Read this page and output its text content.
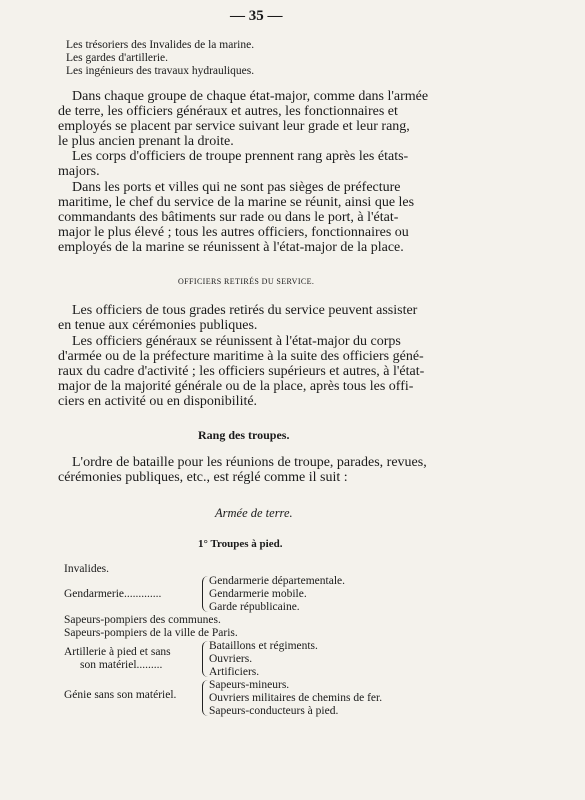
— 35 —
Les trésoriers des Invalides de la marine.
Les gardes d'artillerie.
Les ingénieurs des travaux hydrauliques.
Dans chaque groupe de chaque état-major, comme dans l'armée
de terre, les officiers généraux et autres, les fonctionnaires et
employés se placent par service suivant leur grade et leur rang,
le plus ancien prenant la droite.
Les corps d'officiers de troupe prennent rang après les états-
majors.
Dans les ports et villes qui ne sont pas sièges de préfecture
maritime, le chef du service de la marine se réunit, ainsi que les
commandants des bâtiments sur rade ou dans le port, à l'état-
major le plus élevé ; tous les autres officiers, fonctionnaires ou
employés de la marine se réunissent à l'état-major de la place.
OFFICIERS RETIRÉS DU SERVICE.
Les officiers de tous grades retirés du service peuvent assister
en tenue aux cérémonies publiques.
Les officiers généraux se réunissent à l'état-major du corps
d'armée ou de la préfecture maritime à la suite des officiers géné-
raux du cadre d'activité ; les officiers supérieurs et autres, à l'état-
major de la majorité générale ou de la place, après tous les offi-
ciers en activité ou en disponibilité.
Rang des troupes.
L'ordre de bataille pour les réunions de troupe, parades, revues,
cérémonies publiques, etc., est réglé comme il suit :
Armée de terre.
1° Troupes à pied.
Invalides.
Gendarmerie.............
Gendarmerie départementale.
Gendarmerie mobile.
Garde républicaine.
Sapeurs-pompiers des communes.
Sapeurs-pompiers de la ville de Paris.
Artillerie à pied et sans
son matériel.........
Bataillons et régiments.
Ouvriers.
Artificiers.
Génie sans son matériel.
Sapeurs-mineurs.
Ouvriers militaires de chemins de fer.
Sapeurs-conducteurs à pied.
